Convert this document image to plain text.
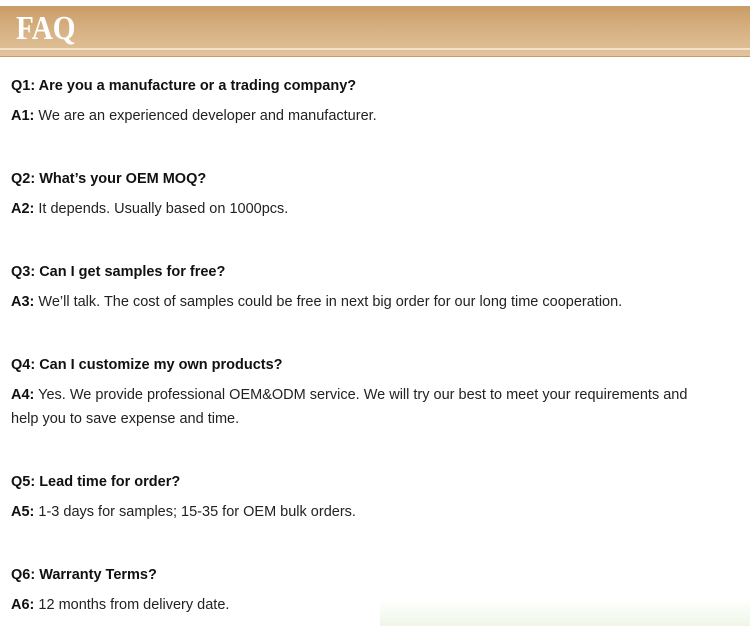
FAQ
Q1: Are you a manufacture or a trading company?
A1: We are an experienced developer and manufacturer.
Q2: What’s your OEM MOQ?
A2: It depends. Usually based on 1000pcs.
Q3: Can I get samples for free?
A3: We’ll talk. The cost of samples could be free in next big order for our long time cooperation.
Q4: Can I customize my own products?
A4: Yes. We provide professional OEM&ODM service. We will try our best to meet your requirements and
help you to save expense and time.
Q5: Lead time for order?
A5: 1-3 days for samples; 15-35 for OEM bulk orders.
Q6: Warranty Terms?
A6: 12 months from delivery date.
